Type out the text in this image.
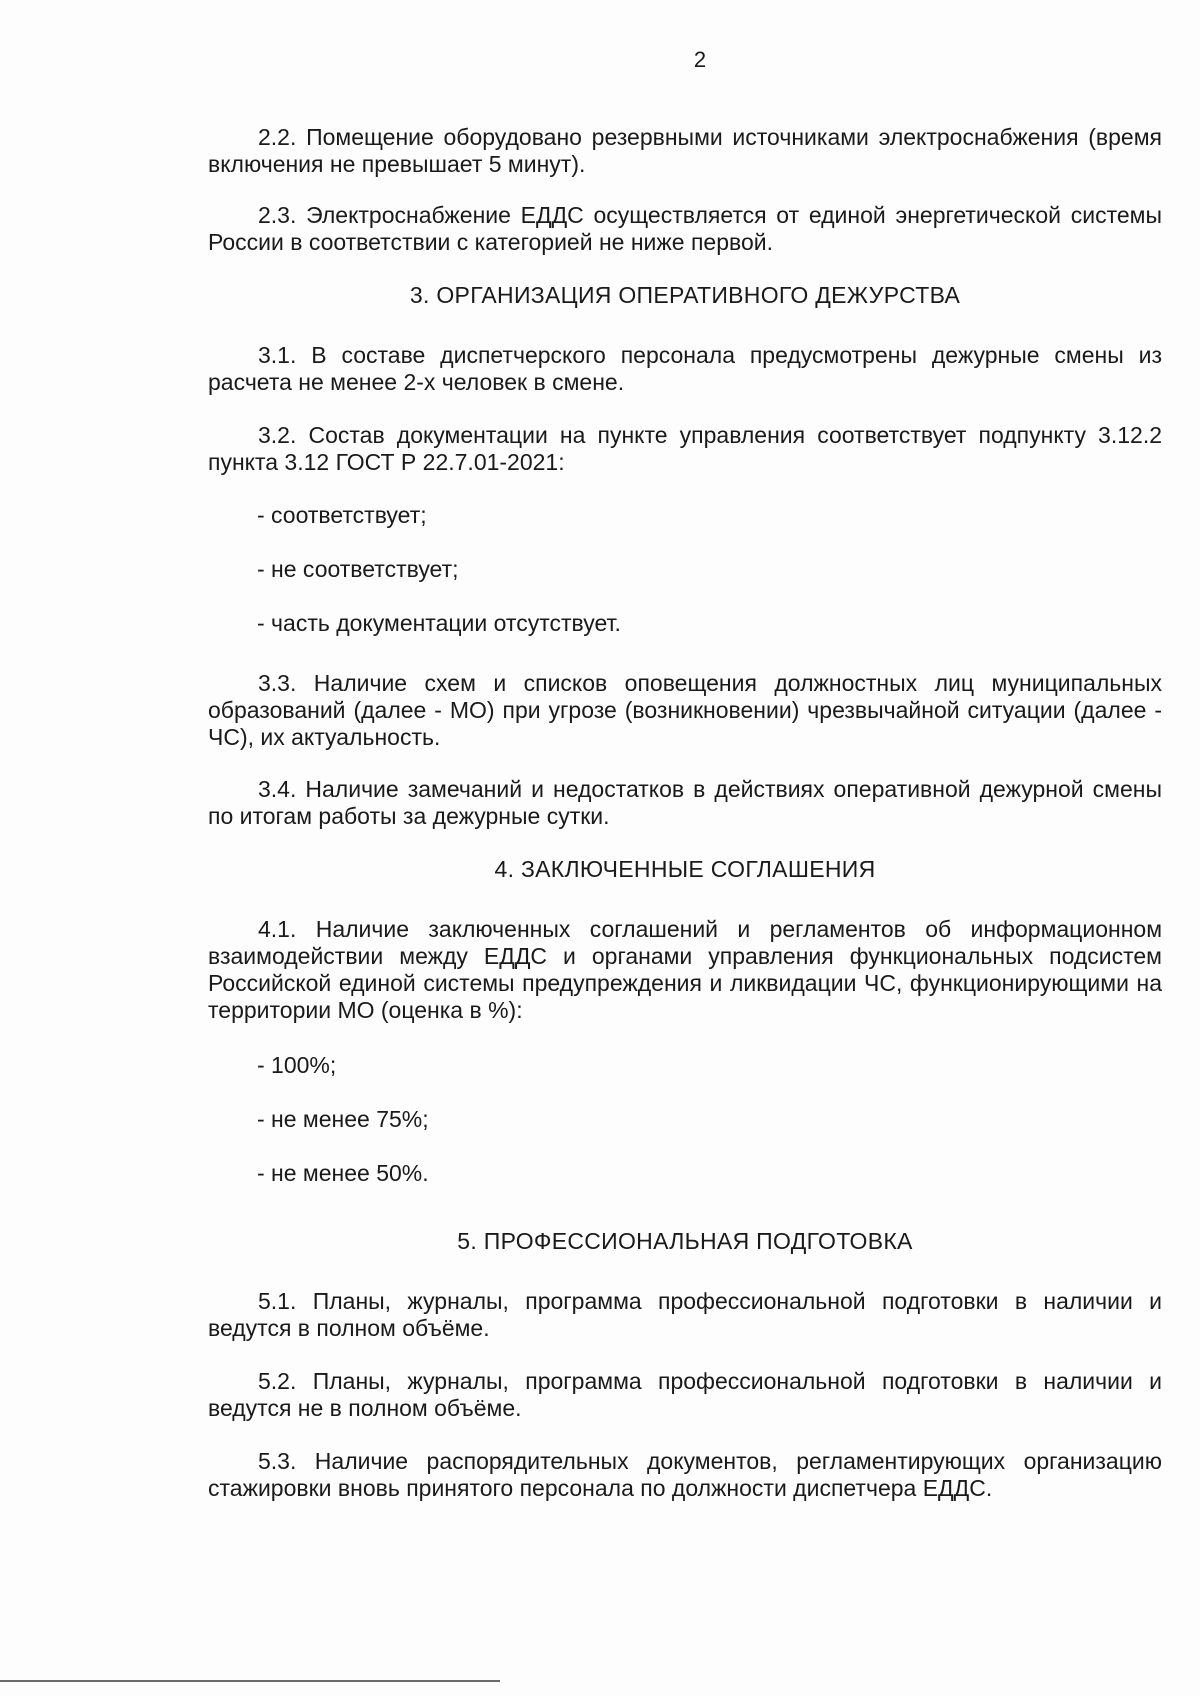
2

2.2. Помещение оборудовано резервными источниками электроснабжения (время включения не превышает 5 минут).

2.3. Электроснабжение ЕДДС осуществляется от единой энергетической системы России в соответствии с категорией не ниже первой.

3. ОРГАНИЗАЦИЯ ОПЕРАТИВНОГО ДЕЖУРСТВА

3.1. В составе диспетчерского персонала предусмотрены дежурные смены из расчета не менее 2-х человек в смене.

3.2. Состав документации на пункте управления соответствует подпункту 3.12.2 пункта 3.12 ГОСТ Р 22.7.01-2021:

- соответствует;

- не соответствует;

- часть документации отсутствует.

3.3. Наличие схем и списков оповещения должностных лиц муниципальных образований (далее - МО) при угрозе (возникновении) чрезвычайной ситуации (далее - ЧС), их актуальность.

3.4. Наличие замечаний и недостатков в действиях оперативной дежурной смены по итогам работы за дежурные сутки.

4. ЗАКЛЮЧЕННЫЕ СОГЛАШЕНИЯ

4.1. Наличие заключенных соглашений и регламентов об информационном взаимодействии между ЕДДС и органами управления функциональных подсистем Российской единой системы предупреждения и ликвидации ЧС, функционирующими на территории МО (оценка в %):

- 100%;

- не менее 75%;

- не менее 50%.

5. ПРОФЕССИОНАЛЬНАЯ ПОДГОТОВКА

5.1. Планы, журналы, программа профессиональной подготовки в наличии и ведутся в полном объёме.

5.2. Планы, журналы, программа профессиональной подготовки в наличии и ведутся не в полном объёме.

5.3. Наличие распорядительных документов, регламентирующих организацию стажировки вновь принятого персонала по должности диспетчера ЕДДС.
